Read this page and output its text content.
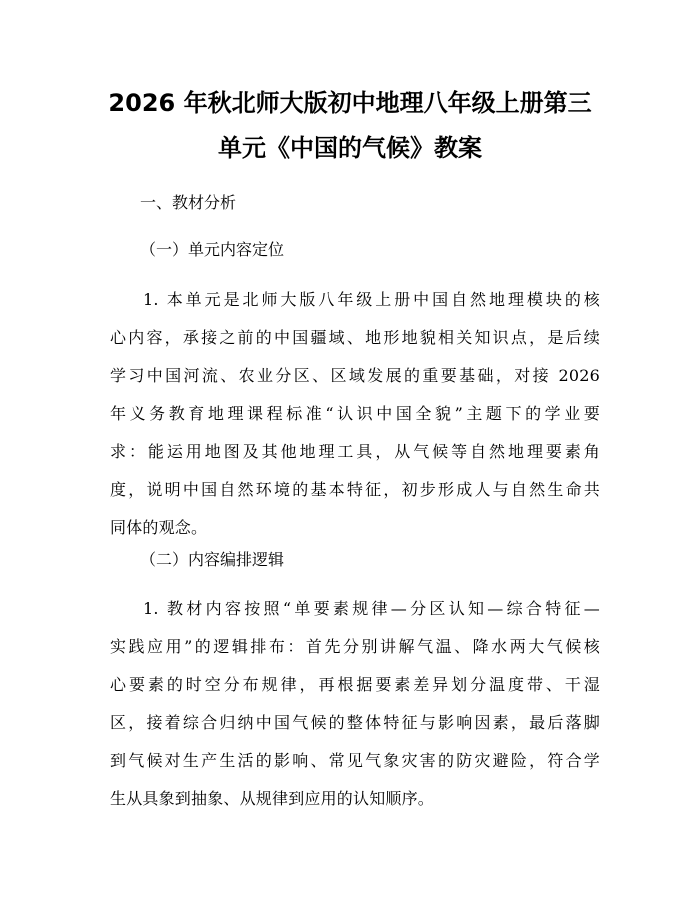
2026 年秋北师大版初中地理八年级上册第三
单元《中国的气候》教案
一、教材分析
（一）单元内容定位
1. 本单元是北师大版八年级上册中国自然地理模块的核
心内容，承接之前的中国疆域、地形地貌相关知识点，是后续
学习中国河流、农业分区、区域发展的重要基础，对接 2026
年义务教育地理课程标准“认识中国全貌”主题下的学业要
求：能运用地图及其他地理工具，从气候等自然地理要素角
度，说明中国自然环境的基本特征，初步形成人与自然生命共
同体的观念。
（二）内容编排逻辑
1. 教材内容按照“单要素规律—分区认知—综合特征—
实践应用”的逻辑排布：首先分别讲解气温、降水两大气候核
心要素的时空分布规律，再根据要素差异划分温度带、干湿
区，接着综合归纳中国气候的整体特征与影响因素，最后落脚
到气候对生产生活的影响、常见气象灾害的防灾避险，符合学
生从具象到抽象、从规律到应用的认知顺序。
